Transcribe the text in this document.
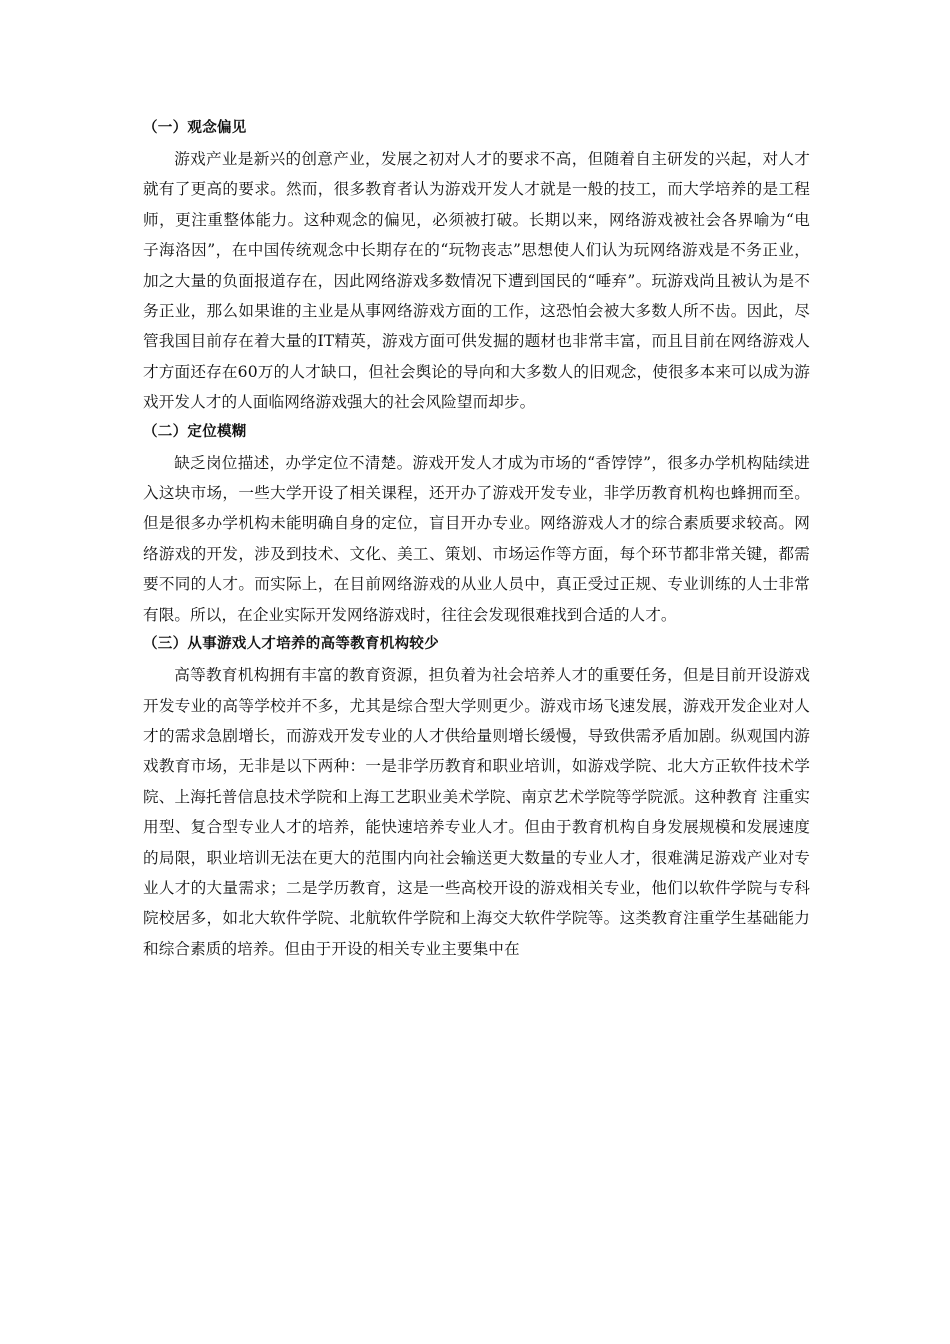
（一）观念偏见

游戏产业是新兴的创意产业，发展之初对人才的要求不高，但随着自主研发的兴起，对人才就有了更高的要求。然而，很多教育者认为游戏开发人才就是一般的技工，而大学培养的是工程师，更注重整体能力。这种观念的偏见，必须被打破。长期以来，网络游戏被社会各界喻为“电子海洛因”，在中国传统观念中长期存在的“玩物丧志”思想使人们认为玩网络游戏是不务正业，加之大量的负面报道存在，因此网络游戏多数情况下遭到国民的“唾弃”。玩游戏尚且被认为是不务正业，那么如果谁的主业是从事网络游戏方面的工作，这恐怕会被大多数人所不齿。因此，尽管我国目前存在着大量的IT精英，游戏方面可供发掘的题材也非常丰富，而且目前在网络游戏人才方面还存在60万的人才缺口，但社会舆论的导向和大多数人的旧观念，使很多本来可以成为游戏开发人才的人面临网络游戏强大的社会风险望而却步。

（二）定位模糊

缺乏岗位描述，办学定位不清楚。游戏开发人才成为市场的“香饽饽”，很多办学机构陆续进入这块市场，一些大学开设了相关课程，还开办了游戏开发专业，非学历教育机构也蜂拥而至。但是很多办学机构未能明确自身的定位，盲目开办专业。网络游戏人才的综合素质要求较高。网络游戏的开发，涉及到技术、文化、美工、策划、市场运作等方面，每个环节都非常关键，都需要不同的人才。而实际上，在目前网络游戏的从业人员中，真正受过正规、专业训练的人士非常有限。所以，在企业实际开发网络游戏时，往往会发现很难找到合适的人才。

（三）从事游戏人才培养的高等教育机构较少

高等教育机构拥有丰富的教育资源，担负着为社会培养人才的重要任务，但是目前开设游戏开发专业的高等学校并不多，尤其是综合型大学则更少。游戏市场飞速发展，游戏开发企业对人才的需求急剧增长，而游戏开发专业的人才供给量则增长缓慢，导致供需矛盾加剧。纵观国内游戏教育市场，无非是以下两种：一是非学历教育和职业培训，如游戏学院、北大方正软件技术学院、上海托普信息技术学院和上海工艺职业美术学院、南京艺术学院等学院派。这种教育 注重实用型、复合型专业人才的培养，能快速培养专业人才。但由于教育机构自身发展规模和发展速度的局限，职业培训无法在更大的范围内向社会输送更大数量的专业人才，很难满足游戏产业对专业人才的大量需求；二是学历教育，这是一些高校开设的游戏相关专业，他们以软件学院与专科院校居多，如北大软件学院、北航软件学院和上海交大软件学院等。这类教育注重学生基础能力和综合素质的培养。但由于开设的相关专业主要集中在
